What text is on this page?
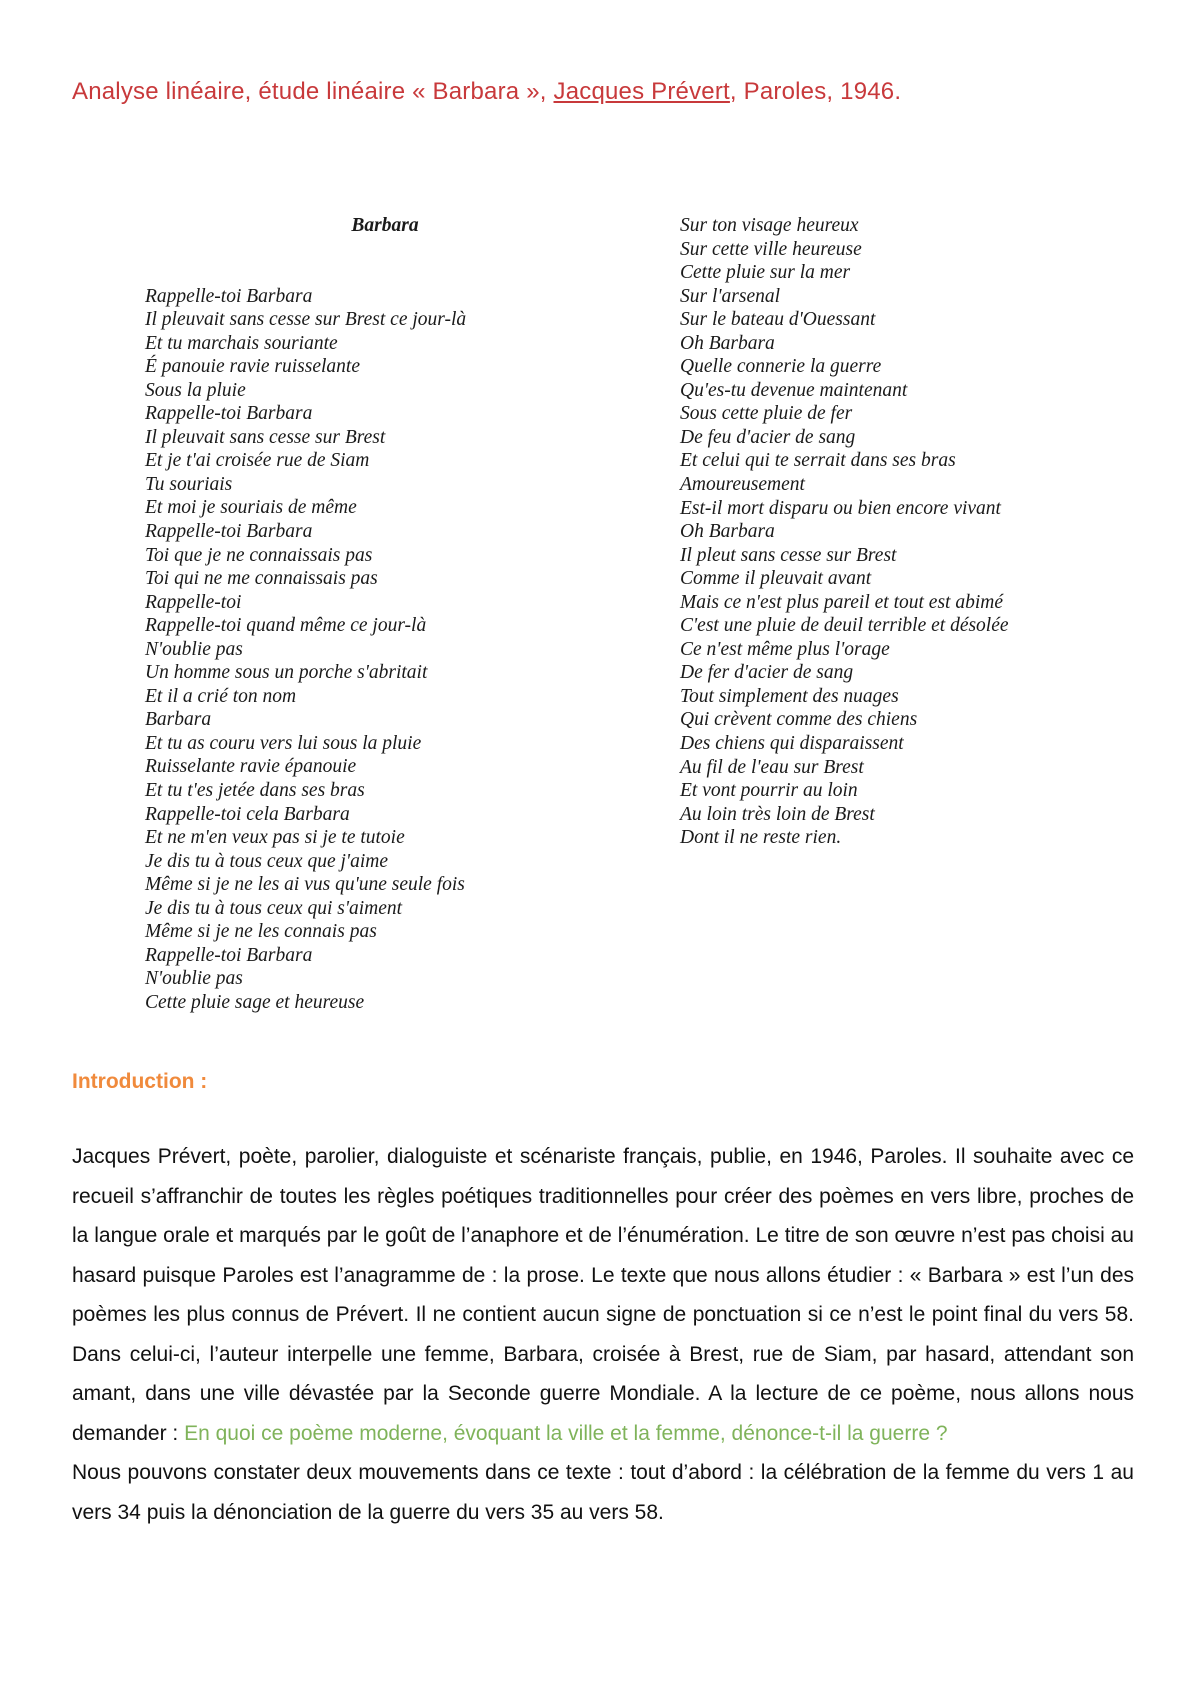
Analyse linéaire, étude linéaire « Barbara », Jacques Prévert, Paroles, 1946.
Barbara
Rappelle-toi Barbara
Il pleuvait sans cesse sur Brest ce jour-là
Et tu marchais souriante
É panouie ravie ruisselante
Sous la pluie
Rappelle-toi Barbara
Il pleuvait sans cesse sur Brest
Et je t'ai croisée rue de Siam
Tu souriais
Et moi je souriais de même
Rappelle-toi Barbara
Toi que je ne connaissais pas
Toi qui ne me connaissais pas
Rappelle-toi
Rappelle-toi quand même ce jour-là
N'oublie pas
Un homme sous un porche s'abritait
Et il a crié ton nom
Barbara
Et tu as couru vers lui sous la pluie
Ruisselante ravie épanouie
Et tu t'es jetée dans ses bras
Rappelle-toi cela Barbara
Et ne m'en veux pas si je te tutoie
Je dis tu à tous ceux que j'aime
Même si je ne les ai vus qu'une seule fois
Je dis tu à tous ceux qui s'aiment
Même si je ne les connais pas
Rappelle-toi Barbara
N'oublie pas
Cette pluie sage et heureuse
Sur ton visage heureux
Sur cette ville heureuse
Cette pluie sur la mer
Sur l'arsenal
Sur le bateau d'Ouessant
Oh Barbara
Quelle connerie la guerre
Qu'es-tu devenue maintenant
Sous cette pluie de fer
De feu d'acier de sang
Et celui qui te serrait dans ses bras
Amoureusement
Est-il mort disparu ou bien encore vivant
Oh Barbara
Il pleut sans cesse sur Brest
Comme il pleuvait avant
Mais ce n'est plus pareil et tout est abimé
C'est une pluie de deuil terrible et désolée
Ce n'est même plus l'orage
De fer d'acier de sang
Tout simplement des nuages
Qui crèvent comme des chiens
Des chiens qui disparaissent
Au fil de l'eau sur Brest
Et vont pourrir au loin
Au loin très loin de Brest
Dont il ne reste rien.
Introduction :

Jacques Prévert, poète, parolier, dialoguiste et scénariste français, publie, en 1946, Paroles. Il souhaite avec ce recueil s’affranchir de toutes les règles poétiques traditionnelles pour créer des poèmes en vers libre, proches de la langue orale et marqués par le goût de l’anaphore et de l’énumération. Le titre de son œuvre n’est pas choisi au hasard puisque Paroles est l’anagramme de : la prose. Le texte que nous allons étudier : « Barbara » est l’un des poèmes les plus connus de Prévert. Il ne contient aucun signe de ponctuation si ce n’est le point final du vers 58. Dans celui-ci, l’auteur interpelle une femme, Barbara, croisée à Brest, rue de Siam, par hasard, attendant son amant, dans une ville dévastée par la Seconde guerre Mondiale. A la lecture de ce poème, nous allons nous demander : En quoi ce poème moderne, évoquant la ville et la femme, dénonce-t-il la guerre ?

Nous pouvons constater deux mouvements dans ce texte : tout d’abord : la célébration de la femme du vers 1 au vers 34 puis la dénonciation de la guerre du vers 35 au vers 58.
